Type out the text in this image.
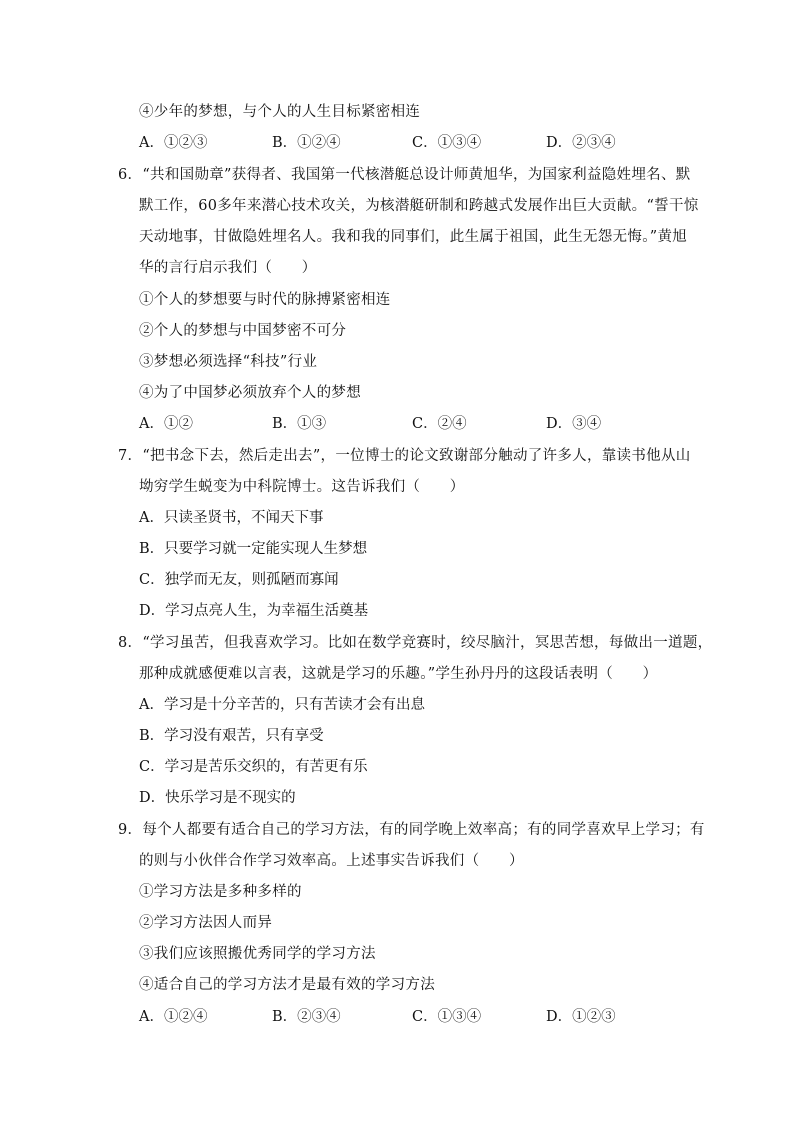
④少年的梦想，与个人的人生目标紧密相连
A．①②③	B．①②④	C．①③④	D．②③④
6．“共和国勋章”获得者、我国第一代核潜艇总设计师黄旭华，为国家利益隐姓埋名、默
默工作，60多年来潜心技术攻关，为核潜艇研制和跨越式发展作出巨大贡献。“誓干惊
天动地事，甘做隐姓埋名人。我和我的同事们，此生属于祖国，此生无怨无悔。”黄旭
华的言行启示我们（　　）
①个人的梦想要与时代的脉搏紧密相连
②个人的梦想与中国梦密不可分
③梦想必须选择“科技”行业
④为了中国梦必须放弃个人的梦想
A．①②	B．①③	C．②④	D．③④
7．“把书念下去，然后走出去”，一位博士的论文致谢部分触动了许多人，靠读书他从山
坳穷学生蜕变为中科院博士。这告诉我们（　　）
A．只读圣贤书，不闻天下事
B．只要学习就一定能实现人生梦想
C．独学而无友，则孤陋而寡闻
D．学习点亮人生，为幸福生活奠基
8．“学习虽苦，但我喜欢学习。比如在数学竞赛时，绞尽脑汁，冥思苦想，每做出一道题，
那种成就感便难以言表，这就是学习的乐趣。”学生孙丹丹的这段话表明（　　）
A．学习是十分辛苦的，只有苦读才会有出息
B．学习没有艰苦，只有享受
C．学习是苦乐交织的，有苦更有乐
D．快乐学习是不现实的
9．每个人都要有适合自己的学习方法，有的同学晚上效率高；有的同学喜欢早上学习；有
的则与小伙伴合作学习效率高。上述事实告诉我们（　　）
①学习方法是多种多样的
②学习方法因人而异
③我们应该照搬优秀同学的学习方法
④适合自己的学习方法才是最有效的学习方法
A．①②④	B．②③④	C．①③④	D．①②③
